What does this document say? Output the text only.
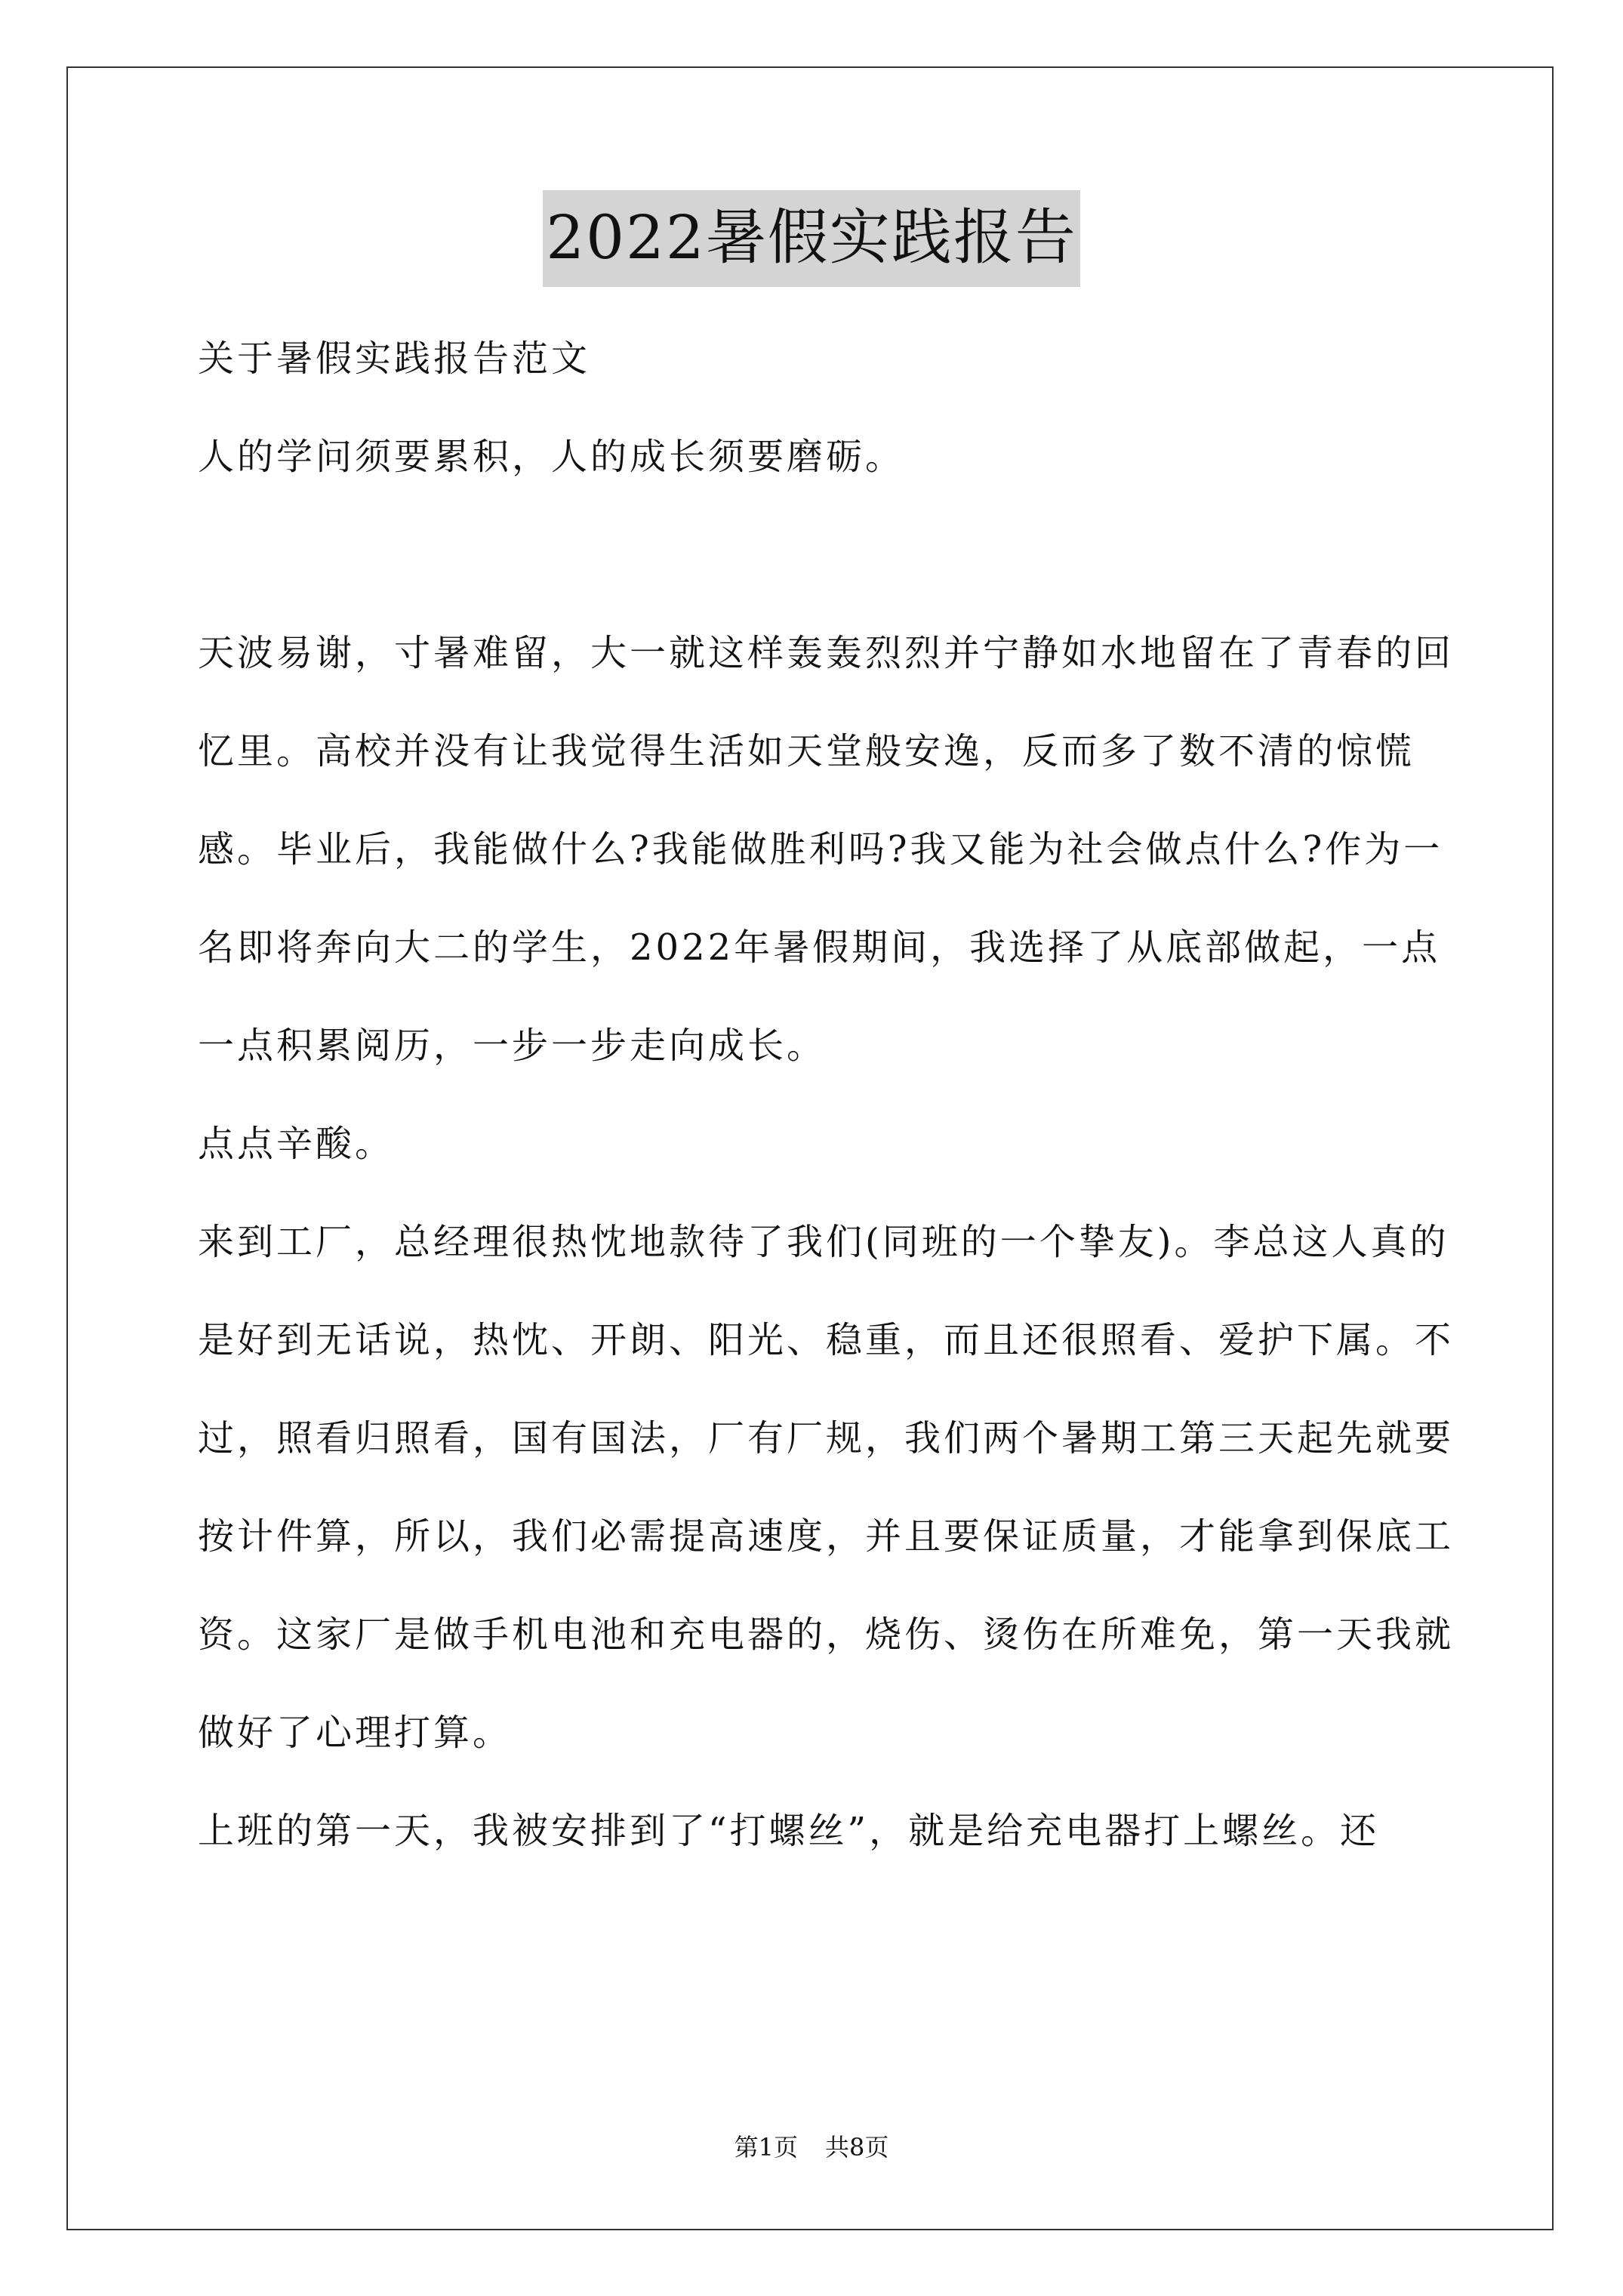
2022暑假实践报告

关于暑假实践报告范文

人的学问须要累积，人的成长须要磨砺。

天波易谢，寸暑难留，大一就这样轰轰烈烈并宁静如水地留在了青春的回忆里。高校并没有让我觉得生活如天堂般安逸，反而多了数不清的惊慌感。毕业后，我能做什么?我能做胜利吗?我又能为社会做点什么?作为一名即将奔向大二的学生，2022年暑假期间，我选择了从底部做起，一点一点积累阅历，一步一步走向成长。

点点辛酸。

来到工厂，总经理很热忱地款待了我们(同班的一个挚友)。李总这人真的是好到无话说，热忱、开朗、阳光、稳重，而且还很照看、爱护下属。不过，照看归照看，国有国法，厂有厂规，我们两个暑期工第三天起先就要按计件算，所以，我们必需提高速度，并且要保证质量，才能拿到保底工资。这家厂是做手机电池和充电器的，烧伤、烫伤在所难免，第一天我就做好了心理打算。

上班的第一天，我被安排到了“打螺丝”，就是给充电器打上螺丝。还

第1页 共8页
